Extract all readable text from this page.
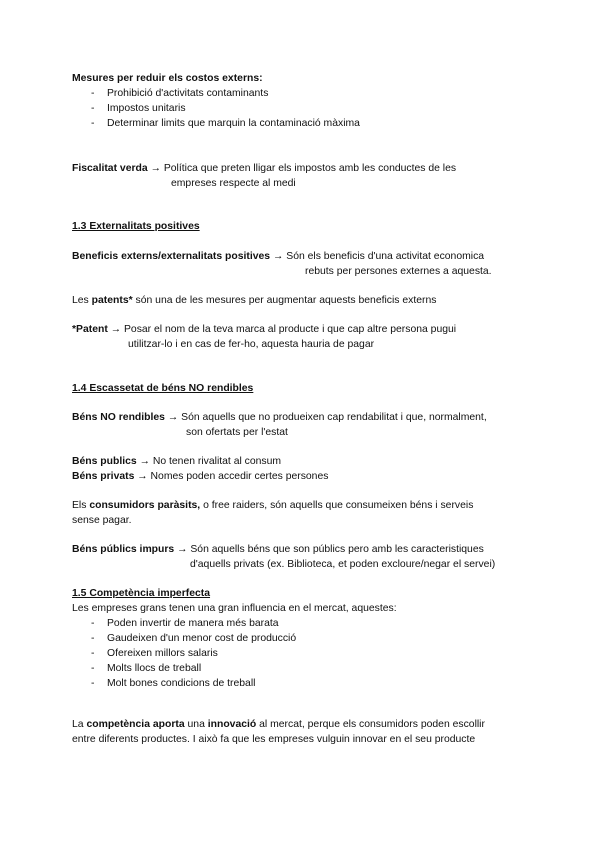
Mesures per reduir els costos externs:
- Prohibició d'activitats contaminants
- Impostos unitaris
- Determinar limits que marquin la contaminació màxima
Fiscalitat verda → Política que preten lligar els impostos amb les conductes de les
empreses respecte al medi
1.3 Externalitats positives
Beneficis externs/externalitats positives → Són els beneficis d'una activitat economica
rebuts per persones externes a aquesta.
Les patents* són una de les mesures per augmentar aquests beneficis externs
*Patent → Posar el nom de la teva marca al producte i que cap altre persona pugui
utilitzar-lo i en cas de fer-ho, aquesta hauria de pagar
1.4 Escassetat de béns NO rendibles
Béns NO rendibles → Són aquells que no produeixen cap rendabilitat i que, normalment,
son ofertats per l'estat
Béns publics → No tenen rivalitat al consum
Béns privats → Nomes poden accedir certes persones
Els consumidors paràsits, o free raiders, són aquells que consumeixen béns i serveis
sense pagar.
Béns públics impurs → Són aquells béns que son públics pero amb les caracteristiques
d'aquells privats (ex. Biblioteca, et poden excloure/negar el servei)
1.5 Competència imperfecta
Les empreses grans tenen una gran influencia en el mercat, aquestes:
- Poden invertir de manera més barata
- Gaudeixen d'un menor cost de producció
- Ofereixen millors salaris
- Molts llocs de treball
- Molt bones condicions de treball
La competència aporta una innovació al mercat, perque els consumidors poden escollir
entre diferents productes. I això fa que les empreses vulguin innovar en el seu producte
